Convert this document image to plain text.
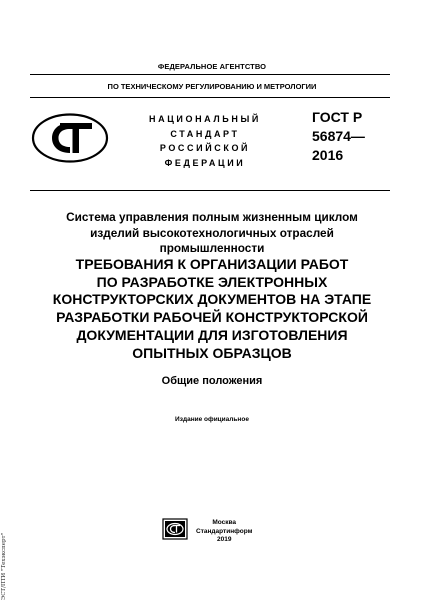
ФЕДЕРАЛЬНОЕ АГЕНТСТВО
ПО ТЕХНИЧЕСКОМУ РЕГУЛИРОВАНИЮ И МЕТРОЛОГИИ
НАЦИОНАЛЬНЫЙ
СТАНДАРТ
РОССИЙСКОЙ
ФЕДЕРАЦИИ
ГОСТ Р
56874—
2016
Система управления полным жизненным циклом
изделий высокотехнологичных отраслей
промышленности
ТРЕБОВАНИЯ К ОРГАНИЗАЦИИ РАБОТ
ПО РАЗРАБОТКЕ ЭЛЕКТРОННЫХ
КОНСТРУКТОРСКИХ ДОКУМЕНТОВ НА ЭТАПЕ
РАЗРАБОТКИ РАБОЧЕЙ КОНСТРУКТОРСКОЙ
ДОКУМЕНТАЦИИ ДЛЯ ИЗГОТОВЛЕНИЯ
ОПЫТНЫХ ОБРАЗЦОВ
Общие положения
Издание официальное
Москва
Стандартинформ
2019
ЭСТ/ПТИ "Техэксперт"
